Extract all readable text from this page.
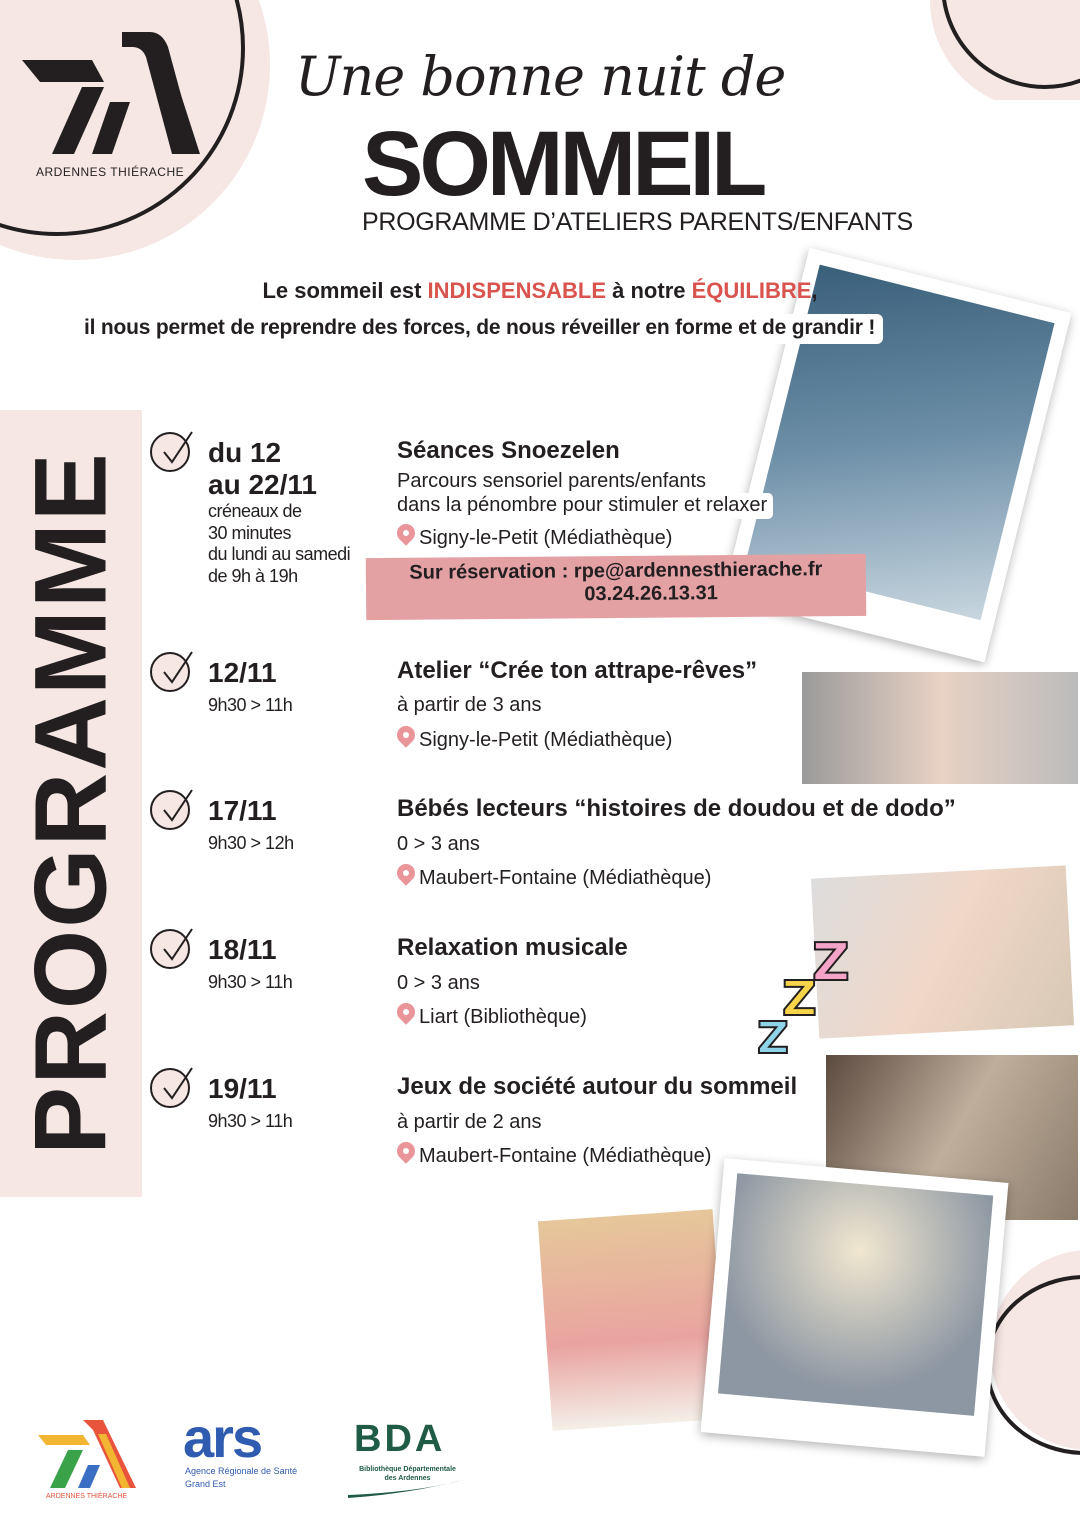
ARDENNES THIÉRACHE
Une bonne nuit de
SOMMEIL
PROGRAMME D’ATELIERS PARENTS/ENFANTS
Z
Z
Z
Le sommeil est INDISPENSABLE à notre ÉQUILIBRE,
il nous permet de reprendre des forces, de nous réveiller en forme et de grandir !
PROGRAMME	du 12
au 22/11
créneaux de
30 minutes
du lundi au samedi
de 9h à 19h
Séances Snoezelen
Parcours sensoriel parents/enfants
dans la pénombre pour stimuler et relaxer
Signy-le-Petit (Médiathèque)
Sur réservation : rpe@ardennesthierache.fr
03.24.26.13.31
12/11
9h30 > 11h
Atelier “Crée ton attrape-rêves”
à partir de 3 ans
Signy-le-Petit (Médiathèque)
17/11
9h30 > 12h
Bébés lecteurs “histoires de doudou et de dodo”
0 > 3 ans
Maubert-Fontaine (Médiathèque)
18/11
9h30 > 11h
Relaxation musicale
0 > 3 ans
Liart (Bibliothèque)
19/11
9h30 > 11h
Jeux de société autour du sommeil
à partir de 2 ans
Maubert-Fontaine (Médiathèque)
ARDENNES THIÉRACHE
ars
Agence Régionale de Santé
Grand Est
BDA
Bibliothèque Départementale
des Ardennes
